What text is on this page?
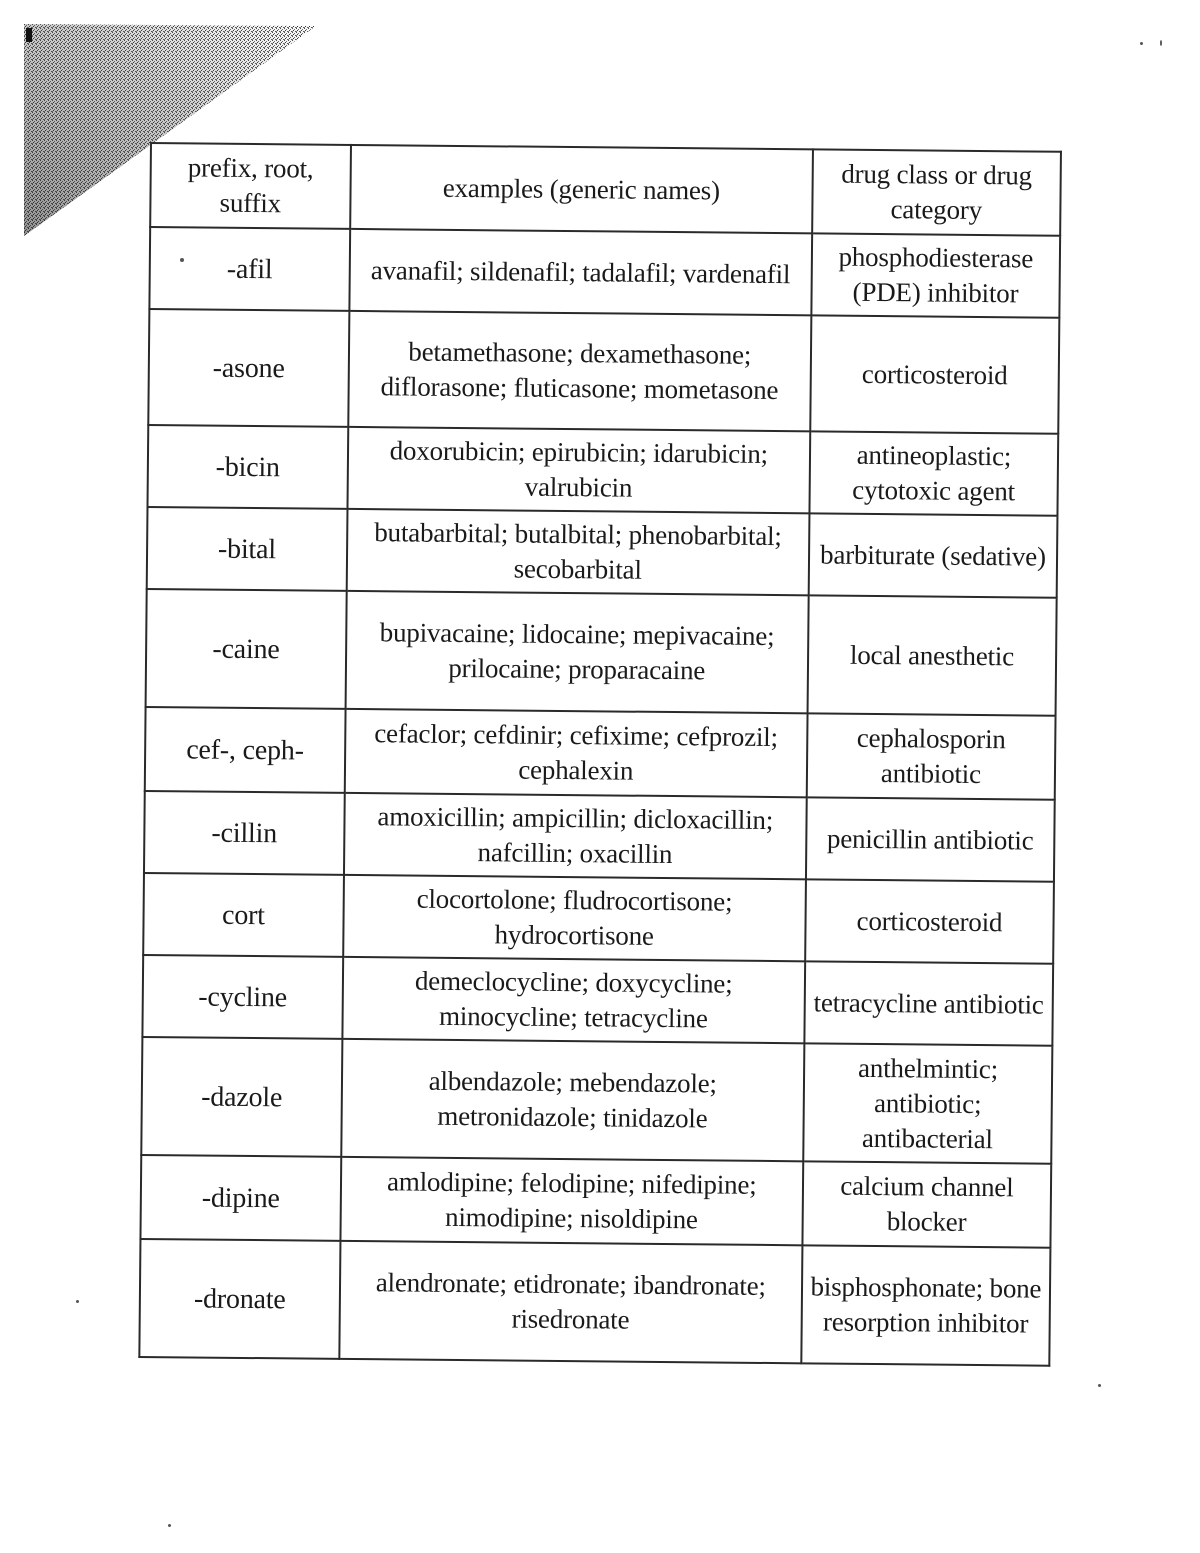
prefix, root, suffix	examples (generic names)	drug class or drug category
-afil	avanafil; sildenafil; tadalafil; vardenafil	phosphodiesterase (PDE) inhibitor
-asone	betamethasone; dexamethasone; diflorasone; fluticasone; mometasone	corticosteroid
-bicin	doxorubicin; epirubicin; idarubicin; valrubicin	antineoplastic; cytotoxic agent
-bital	butabarbital; butalbital; phenobarbital; secobarbital	barbiturate (sedative)
-caine	bupivacaine; lidocaine; mepivacaine; prilocaine; proparacaine	local anesthetic
cef-, ceph-	cefaclor; cefdinir; cefixime; cefprozil; cephalexin	cephalosporin antibiotic
-cillin	amoxicillin; ampicillin; dicloxacillin; nafcillin; oxacillin	penicillin antibiotic
cort	clocortolone; fludrocortisone; hydrocortisone	corticosteroid
-cycline	demeclocycline; doxycycline; minocycline; tetracycline	tetracycline antibiotic
-dazole	albendazole; mebendazole; metronidazole; tinidazole	anthelmintic; antibiotic; antibacterial
-dipine	amlodipine; felodipine; nifedipine; nimodipine; nisoldipine	calcium channel blocker
-dronate	alendronate; etidronate; ibandronate; risedronate	bisphosphonate; bone resorption inhibitor
